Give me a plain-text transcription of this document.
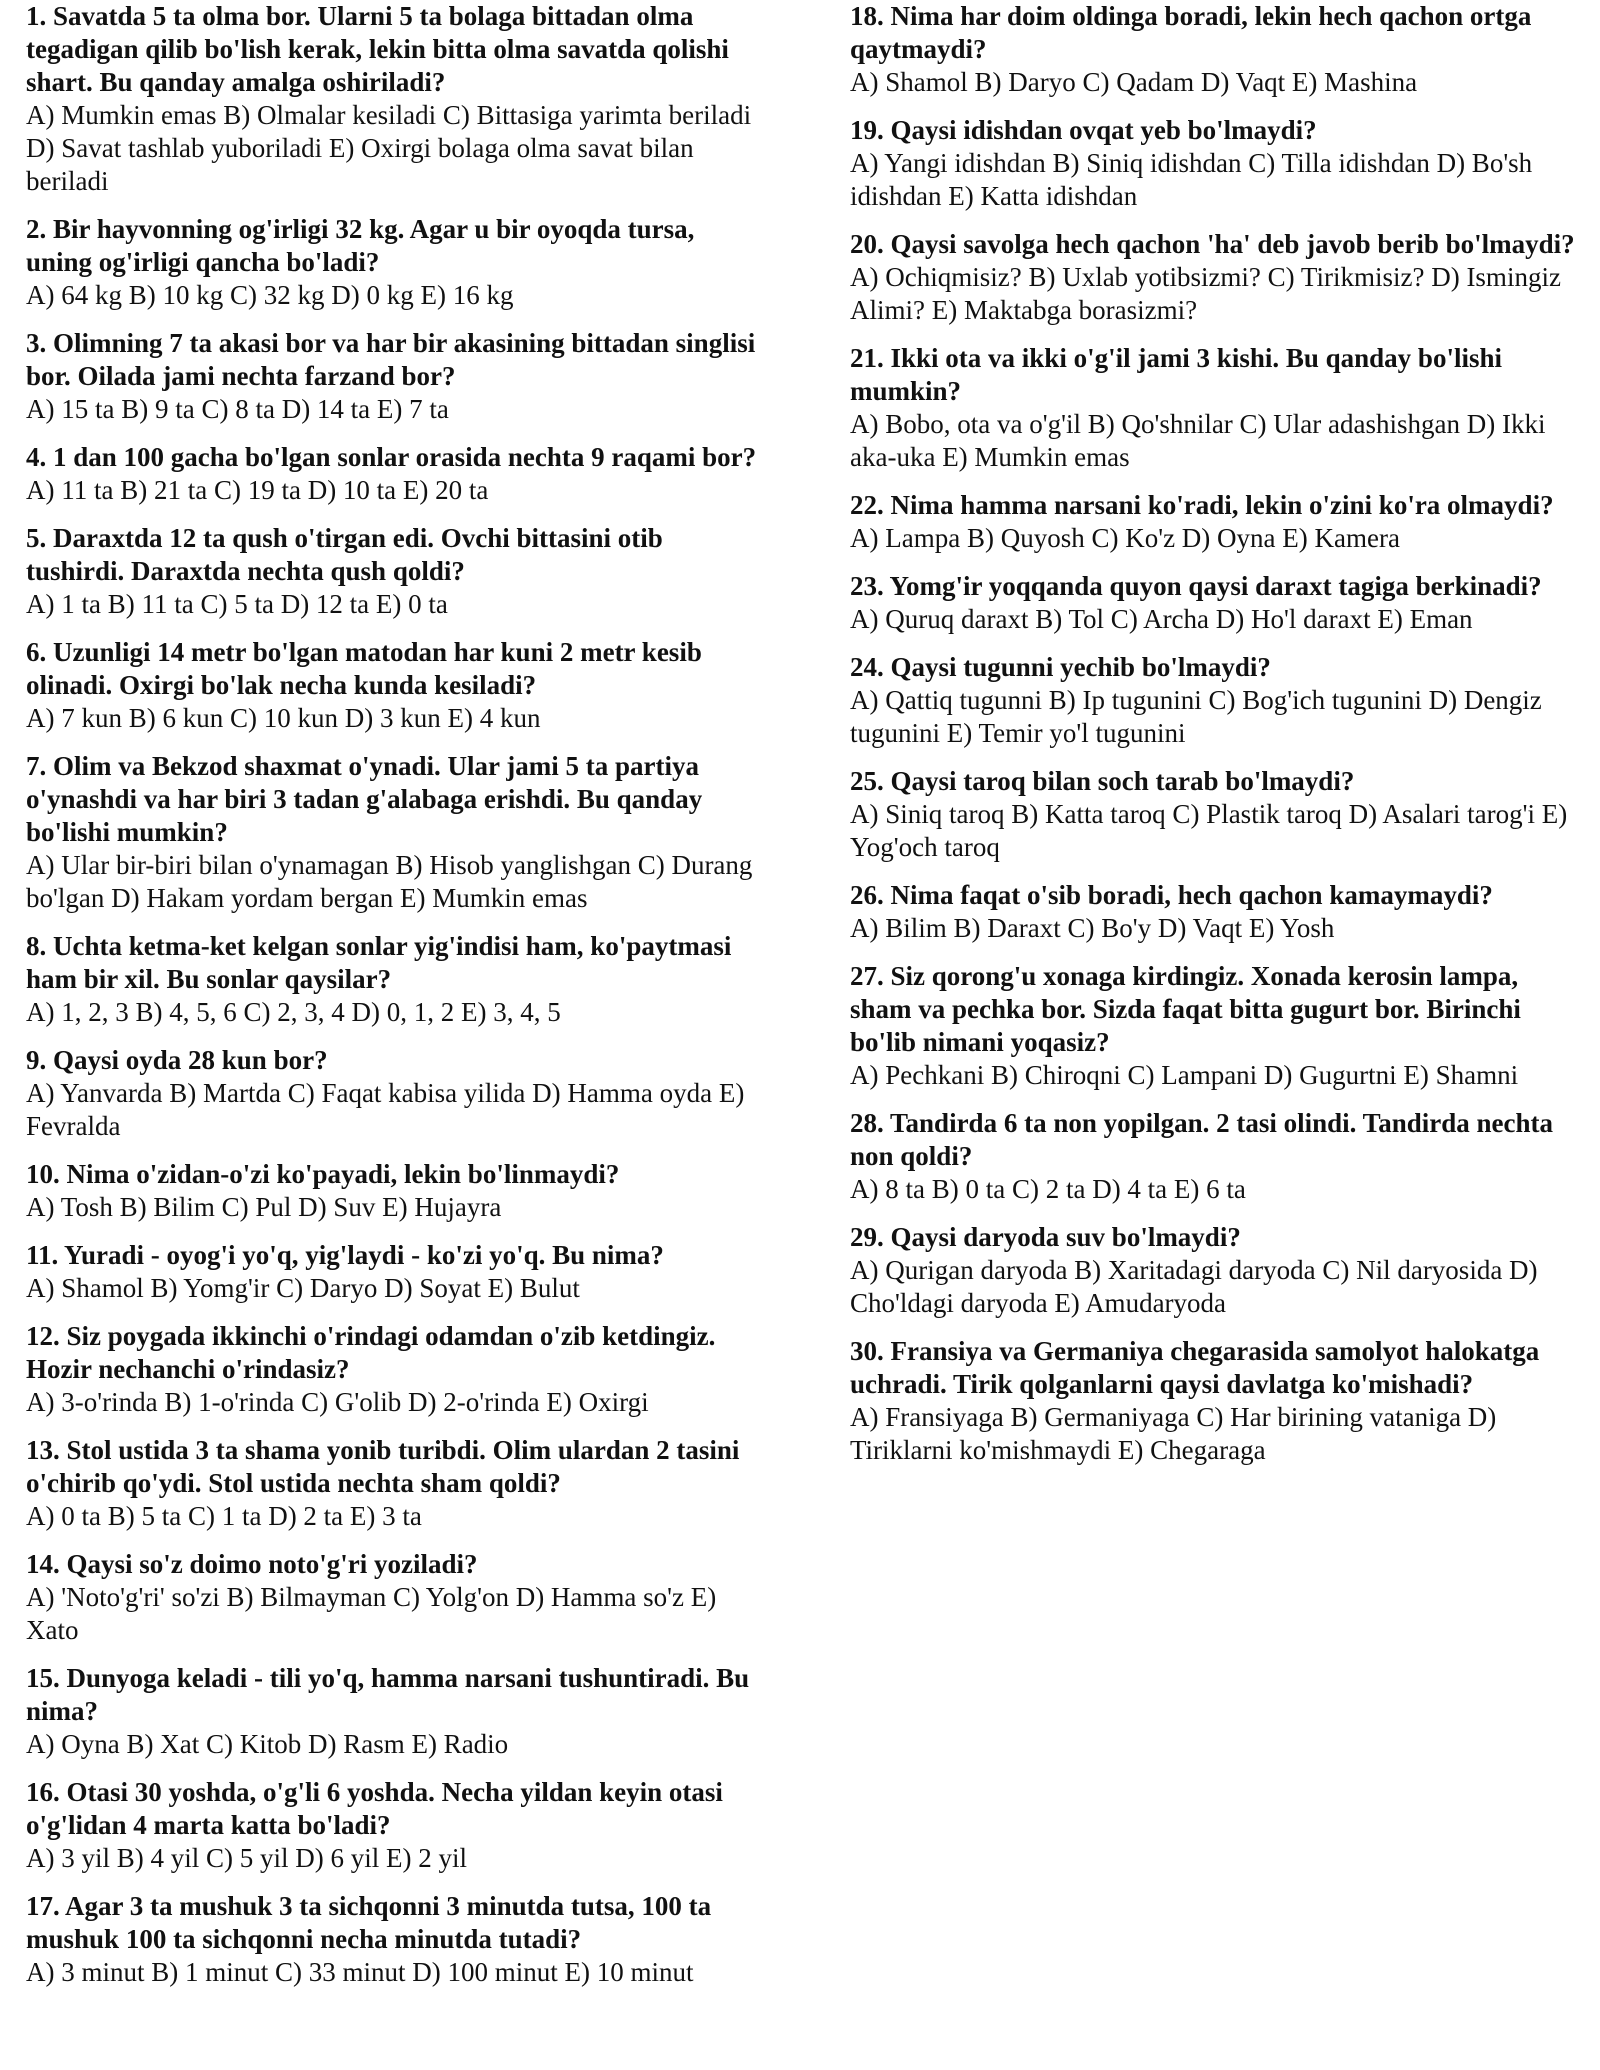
1. Savatda 5 ta olma bor. Ularni 5 ta bolaga bittadan olma tegadigan qilib bo'lish kerak, lekin bitta olma savatda qolishi shart. Bu qanday amalga oshiriladi?

A) Mumkin emas B) Olmalar kesiladi C) Bittasiga yarimta beriladi D) Savat tashlab yuboriladi E) Oxirgi bolaga olma savat bilan beriladi

2. Bir hayvonning og'irligi 32 kg. Agar u bir oyoqda tursa, uning og'irligi qancha bo'ladi?

A) 64 kg B) 10 kg C) 32 kg D) 0 kg E) 16 kg

3. Olimning 7 ta akasi bor va har bir akasining bittadan singlisi bor. Oilada jami nechta farzand bor?

A) 15 ta B) 9 ta C) 8 ta D) 14 ta E) 7 ta

4. 1 dan 100 gacha bo'lgan sonlar orasida nechta 9 raqami bor?

A) 11 ta B) 21 ta C) 19 ta D) 10 ta E) 20 ta

5. Daraxtda 12 ta qush o'tirgan edi. Ovchi bittasini otib tushirdi. Daraxtda nechta qush qoldi?

A) 1 ta B) 11 ta C) 5 ta D) 12 ta E) 0 ta

6. Uzunligi 14 metr bo'lgan matodan har kuni 2 metr kesib olinadi. Oxirgi bo'lak necha kunda kesiladi?

A) 7 kun B) 6 kun C) 10 kun D) 3 kun E) 4 kun

7. Olim va Bekzod shaxmat o'ynadi. Ular jami 5 ta partiya o'ynashdi va har biri 3 tadan g'alabaga erishdi. Bu qanday bo'lishi mumkin?

A) Ular bir-biri bilan o'ynamagan B) Hisob yanglishgan C) Durang bo'lgan D) Hakam yordam bergan E) Mumkin emas

8. Uchta ketma-ket kelgan sonlar yig'indisi ham, ko'paytmasi ham bir xil. Bu sonlar qaysilar?

A) 1, 2, 3 B) 4, 5, 6 C) 2, 3, 4 D) 0, 1, 2 E) 3, 4, 5

9. Qaysi oyda 28 kun bor?

A) Yanvarda B) Martda C) Faqat kabisa yilida D) Hamma oyda E) Fevralda

10. Nima o'zidan-o'zi ko'payadi, lekin bo'linmaydi?

A) Tosh B) Bilim C) Pul D) Suv E) Hujayra

11. Yuradi - oyog'i yo'q, yig'laydi - ko'zi yo'q. Bu nima?

A) Shamol B) Yomg'ir C) Daryo D) Soyat E) Bulut

12. Siz poygada ikkinchi o'rindagi odamdan o'zib ketdingiz. Hozir nechanchi o'rindasiz?

A) 3-o'rinda B) 1-o'rinda C) G'olib D) 2-o'rinda E) Oxirgi

13. Stol ustida 3 ta shama yonib turibdi. Olim ulardan 2 tasini o'chirib qo'ydi. Stol ustida nechta sham qoldi?

A) 0 ta B) 5 ta C) 1 ta D) 2 ta E) 3 ta

14. Qaysi so'z doimo noto'g'ri yoziladi?

A) 'Noto'g'ri' so'zi B) Bilmayman C) Yolg'on D) Hamma so'z E) Xato

15. Dunyoga keladi - tili yo'q, hamma narsani tushuntiradi. Bu nima?

A) Oyna B) Xat C) Kitob D) Rasm E) Radio

16. Otasi 30 yoshda, o'g'li 6 yoshda. Necha yildan keyin otasi o'g'lidan 4 marta katta bo'ladi?

A) 3 yil B) 4 yil C) 5 yil D) 6 yil E) 2 yil

17. Agar 3 ta mushuk 3 ta sichqonni 3 minutda tutsa, 100 ta mushuk 100 ta sichqonni necha minutda tutadi?

A) 3 minut B) 1 minut C) 33 minut D) 100 minut E) 10 minut

18. Nima har doim oldinga boradi, lekin hech qachon ortga qaytmaydi?

A) Shamol B) Daryo C) Qadam D) Vaqt E) Mashina

19. Qaysi idishdan ovqat yeb bo'lmaydi?

A) Yangi idishdan B) Siniq idishdan C) Tilla idishdan D) Bo'sh idishdan E) Katta idishdan

20. Qaysi savolga hech qachon 'ha' deb javob berib bo'lmaydi?

A) Ochiqmisiz? B) Uxlab yotibsizmi? C) Tirikmisiz? D) Ismingiz Alimi? E) Maktabga borasizmi?

21. Ikki ota va ikki o'g'il jami 3 kishi. Bu qanday bo'lishi mumkin?

A) Bobo, ota va o'g'il B) Qo'shnilar C) Ular adashishgan D) Ikki aka-uka E) Mumkin emas

22. Nima hamma narsani ko'radi, lekin o'zini ko'ra olmaydi?

A) Lampa B) Quyosh C) Ko'z D) Oyna E) Kamera

23. Yomg'ir yoqqanda quyon qaysi daraxt tagiga berkinadi?

A) Quruq daraxt B) Tol C) Archa D) Ho'l daraxt E) Eman

24. Qaysi tugunni yechib bo'lmaydi?

A) Qattiq tugunni B) Ip tugunini C) Bog'ich tugunini D) Dengiz tugunini E) Temir yo'l tugunini

25. Qaysi taroq bilan soch tarab bo'lmaydi?

A) Siniq taroq B) Katta taroq C) Plastik taroq D) Asalari tarog'i E) Yog'och taroq

26. Nima faqat o'sib boradi, hech qachon kamaymaydi?

A) Bilim B) Daraxt C) Bo'y D) Vaqt E) Yosh

27. Siz qorong'u xonaga kirdingiz. Xonada kerosin lampa, sham va pechka bor. Sizda faqat bitta gugurt bor. Birinchi bo'lib nimani yoqasiz?

A) Pechkani B) Chiroqni C) Lampani D) Gugurtni E) Shamni

28. Tandirda 6 ta non yopilgan. 2 tasi olindi. Tandirda nechta non qoldi?

A) 8 ta B) 0 ta C) 2 ta D) 4 ta E) 6 ta

29. Qaysi daryoda suv bo'lmaydi?

A) Qurigan daryoda B) Xaritadagi daryoda C) Nil daryosida D) Cho'ldagi daryoda E) Amudaryoda

30. Fransiya va Germaniya chegarasida samolyot halokatga uchradi. Tirik qolganlarni qaysi davlatga ko'mishadi?

A) Fransiyaga B) Germaniyaga C) Har birining vataniga D) Tiriklarni ko'mishmaydi E) Chegaraga
